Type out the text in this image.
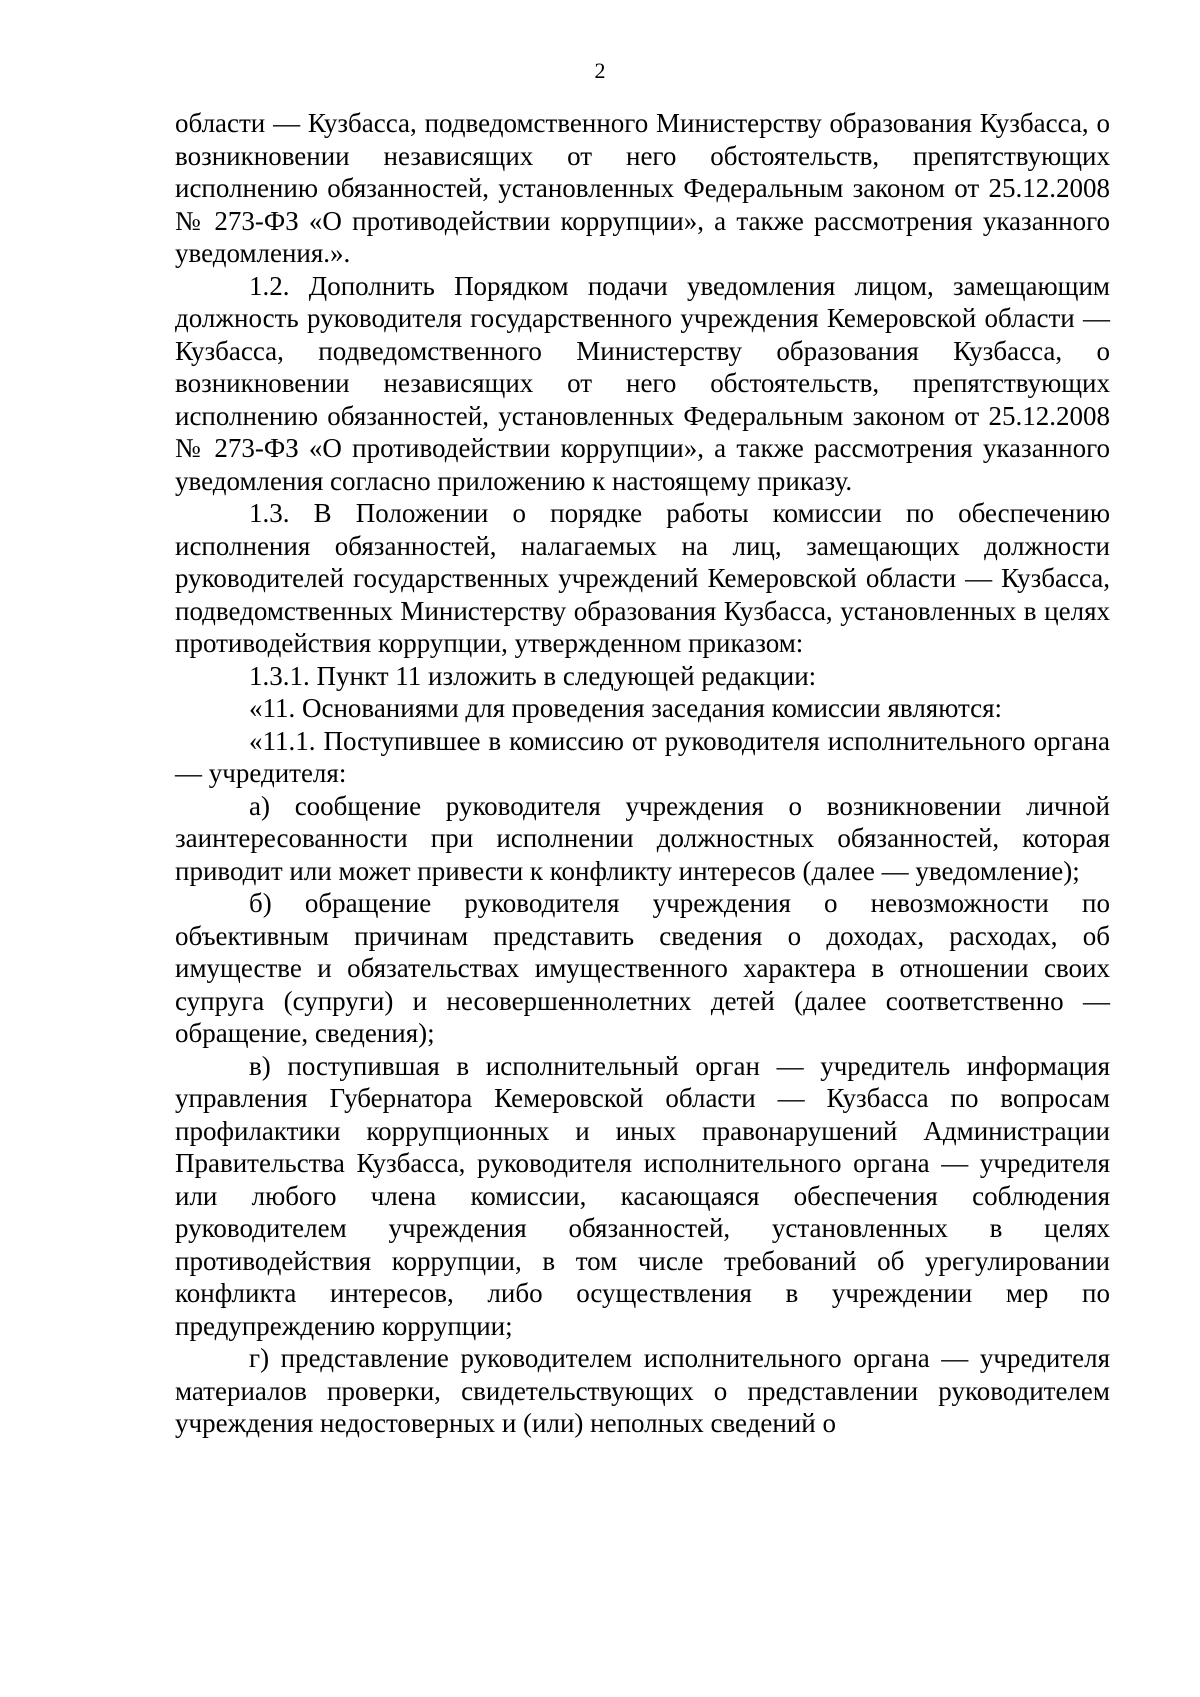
2

области — Кузбасса, подведомственного Министерству образования Кузбасса, о возникновении независящих от него обстоятельств, препятствующих исполнению обязанностей, установленных Федеральным законом от 25.12.2008 № 273-ФЗ «О противодействии коррупции», а также рассмотрения указанного уведомления.».

1.2. Дополнить Порядком подачи уведомления лицом, замещающим должность руководителя государственного учреждения Кемеровской области — Кузбасса, подведомственного Министерству образования Кузбасса, о возникновении независящих от него обстоятельств, препятствующих исполнению обязанностей, установленных Федеральным законом от 25.12.2008 № 273-ФЗ «О противодействии коррупции», а также рассмотрения указанного уведомления согласно приложению к настоящему приказу.

1.3. В Положении о порядке работы комиссии по обеспечению исполнения обязанностей, налагаемых на лиц, замещающих должности руководителей государственных учреждений Кемеровской области — Кузбасса, подведомственных Министерству образования Кузбасса, установленных в целях противодействия коррупции, утвержденном приказом:

1.3.1. Пункт 11 изложить в следующей редакции:

«11. Основаниями для проведения заседания комиссии являются:

«11.1. Поступившее в комиссию от руководителя исполнительного органа — учредителя:

а) сообщение руководителя учреждения о возникновении личной заинтересованности при исполнении должностных обязанностей, которая приводит или может привести к конфликту интересов (далее — уведомление);

б) обращение руководителя учреждения о невозможности по объективным причинам представить сведения о доходах, расходах, об имуществе и обязательствах имущественного характера в отношении своих супруга (супруги) и несовершеннолетних детей (далее соответственно — обращение, сведения);

в) поступившая в исполнительный орган — учредитель информация управления Губернатора Кемеровской области — Кузбасса по вопросам профилактики коррупционных и иных правонарушений Администрации Правительства Кузбасса, руководителя исполнительного органа — учредителя или любого члена комиссии, касающаяся обеспечения соблюдения руководителем учреждения обязанностей, установленных в целях противодействия коррупции, в том числе требований об урегулировании конфликта интересов, либо осуществления в учреждении мер по предупреждению коррупции;

г) представление руководителем исполнительного органа — учредителя материалов проверки, свидетельствующих о представлении руководителем учреждения недостоверных и (или) неполных сведений о
